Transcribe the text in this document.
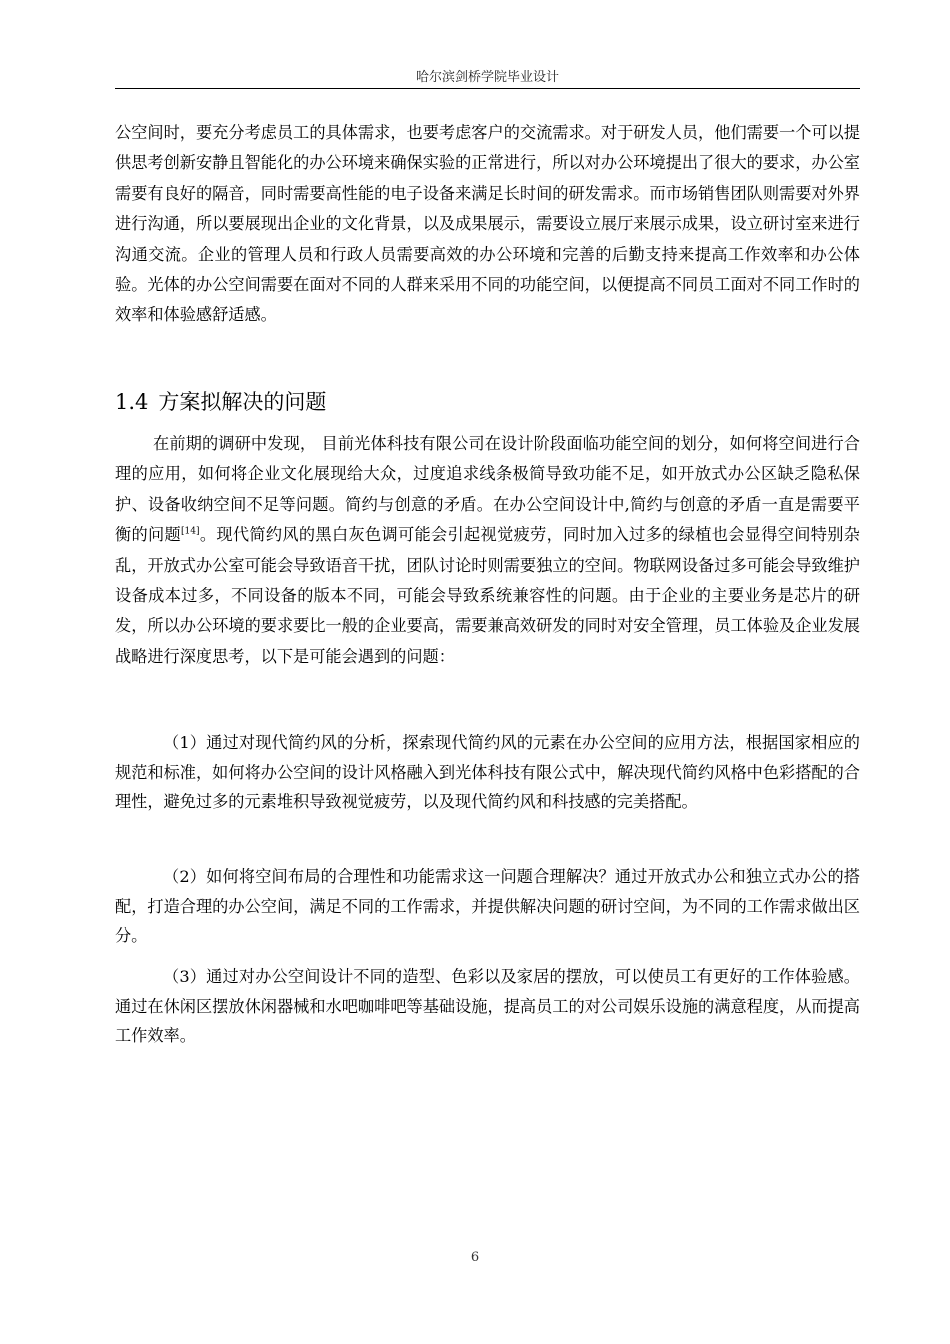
哈尔滨剑桥学院毕业设计

公空间时，要充分考虑员工的具体需求，也要考虑客户的交流需求。对于研发人员，他们需要一个可以提供思考创新安静且智能化的办公环境来确保实验的正常进行，所以对办公环境提出了很大的要求，办公室需要有良好的隔音，同时需要高性能的电子设备来满足长时间的研发需求。而市场销售团队则需要对外界进行沟通，所以要展现出企业的文化背景，以及成果展示，需要设立展厅来展示成果，设立研讨室来进行沟通交流。企业的管理人员和行政人员需要高效的办公环境和完善的后勤支持来提高工作效率和办公体验。光体的办公空间需要在面对不同的人群来采用不同的功能空间，以便提高不同员工面对不同工作时的效率和体验感舒适感。

1.4 方案拟解决的问题

在前期的调研中发现， 目前光体科技有限公司在设计阶段面临功能空间的划分，如何将空间进行合理的应用，如何将企业文化展现给大众，过度追求线条极简导致功能不足，如开放式办公区缺乏隐私保护、设备收纳空间不足等问题。简约与创意的矛盾。在办公空间设计中,简约与创意的矛盾一直是需要平衡的问题[14]。现代简约风的黑白灰色调可能会引起视觉疲劳，同时加入过多的绿植也会显得空间特别杂乱，开放式办公室可能会导致语音干扰，团队讨论时则需要独立的空间。物联网设备过多可能会导致维护设备成本过多，不同设备的版本不同，可能会导致系统兼容性的问题。由于企业的主要业务是芯片的研发，所以办公环境的要求要比一般的企业要高，需要兼高效研发的同时对安全管理，员工体验及企业发展战略进行深度思考，以下是可能会遇到的问题：

（1）通过对现代简约风的分析，探索现代简约风的元素在办公空间的应用方法，根据国家相应的规范和标准，如何将办公空间的设计风格融入到光体科技有限公式中，解决现代简约风格中色彩搭配的合理性，避免过多的元素堆积导致视觉疲劳，以及现代简约风和科技感的完美搭配。

（2）如何将空间布局的合理性和功能需求这一问题合理解决？通过开放式办公和独立式办公的搭配，打造合理的办公空间，满足不同的工作需求，并提供解决问题的研讨空间，为不同的工作需求做出区分。

（3）通过对办公空间设计不同的造型、色彩以及家居的摆放，可以使员工有更好的工作体验感。通过在休闲区摆放休闲器械和水吧咖啡吧等基础设施，提高员工的对公司娱乐设施的满意程度，从而提高工作效率。

6
